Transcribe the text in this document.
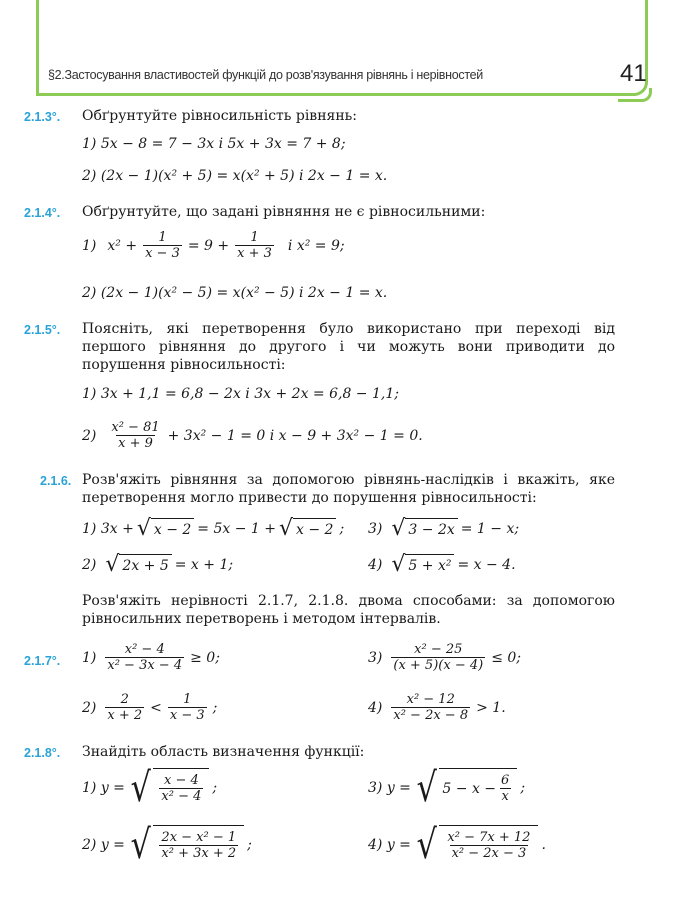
§2.Застосування властивостей функцій до розв'язування рівнянь і нерівностей	41
2.1.3°. Обґрунтуйте рівносильність рівнянь:
1) 5x − 8 = 7 − 3x і 5x + 3x = 7 + 8;
2) (2x − 1)(x² + 5) = x(x² + 5) і 2x − 1 = x.
2.1.4°. Обґрунтуйте, що задані рівняння не є рівносильними:
1) $x^2 + \frac{1}{x - 3} = 9 + \frac{1}{x + 3}$ і x² = 9;
2) (2x − 1)(x² − 5) = x(x² − 5) і 2x − 1 = x.
2.1.5°. Поясніть, які перетворення було використано при переході від першого рівняння до другого і чи можуть вони приводити до порушення рівносильності:
1) 3x + 1,1 = 6,8 − 2x і 3x + 2x = 6,8 − 1,1;
$2) \frac{\text{x² − 81}}{x + 9} + 3x^2 - 1 = 0$ і x − 9 + 3x² − 1 = 0.
2.1.6. Розв'яжіть рівняння за допомогою рівнянь-наслідків і вкажіть, яке перетворення могло привести до порушення рівносильності:
1) 3x + √ x − 2 = 5x − 1 + √ x − 2 ; 3) √ 3 − 2x = 1 − x;
2) √ 2x + 5 = x + 1;	4) √ 5 + x² = x − 4.
Розв'яжіть нерівності 2.1.7, 2.1.8. двома способами: за допомогою рівносильних перетворень і методом інтервалів.
2.1.7°. $1) \frac{\text{x² − 4}}{\text{x² − 3x − 4}} \ge 0$;	$3) \frac{\text{x² − 25}}{(x + 5)(x - 4)} \le 0$;
$2) \frac{2}{x + 2} < \frac{1}{x - 3}$ ;	$4) \frac{\text{x² − 12}}{\text{x² − 2x − 8}} > 1$.
2.1.8°. Знайдіть область визначення функції:
1) y = √ $\frac{x - 4}{\text{x² − 4}}$ ;	3) y = √ $5 - x - \frac{6}{x}$ ;
2) y = √ $\frac{\text{2x − x² − 1}}{\text{x² + 3x + 2}}$ ;	4) y = √ $\frac{\text{x² − 7x + 12}}{\text{x² − 2x − 3}}$ .
